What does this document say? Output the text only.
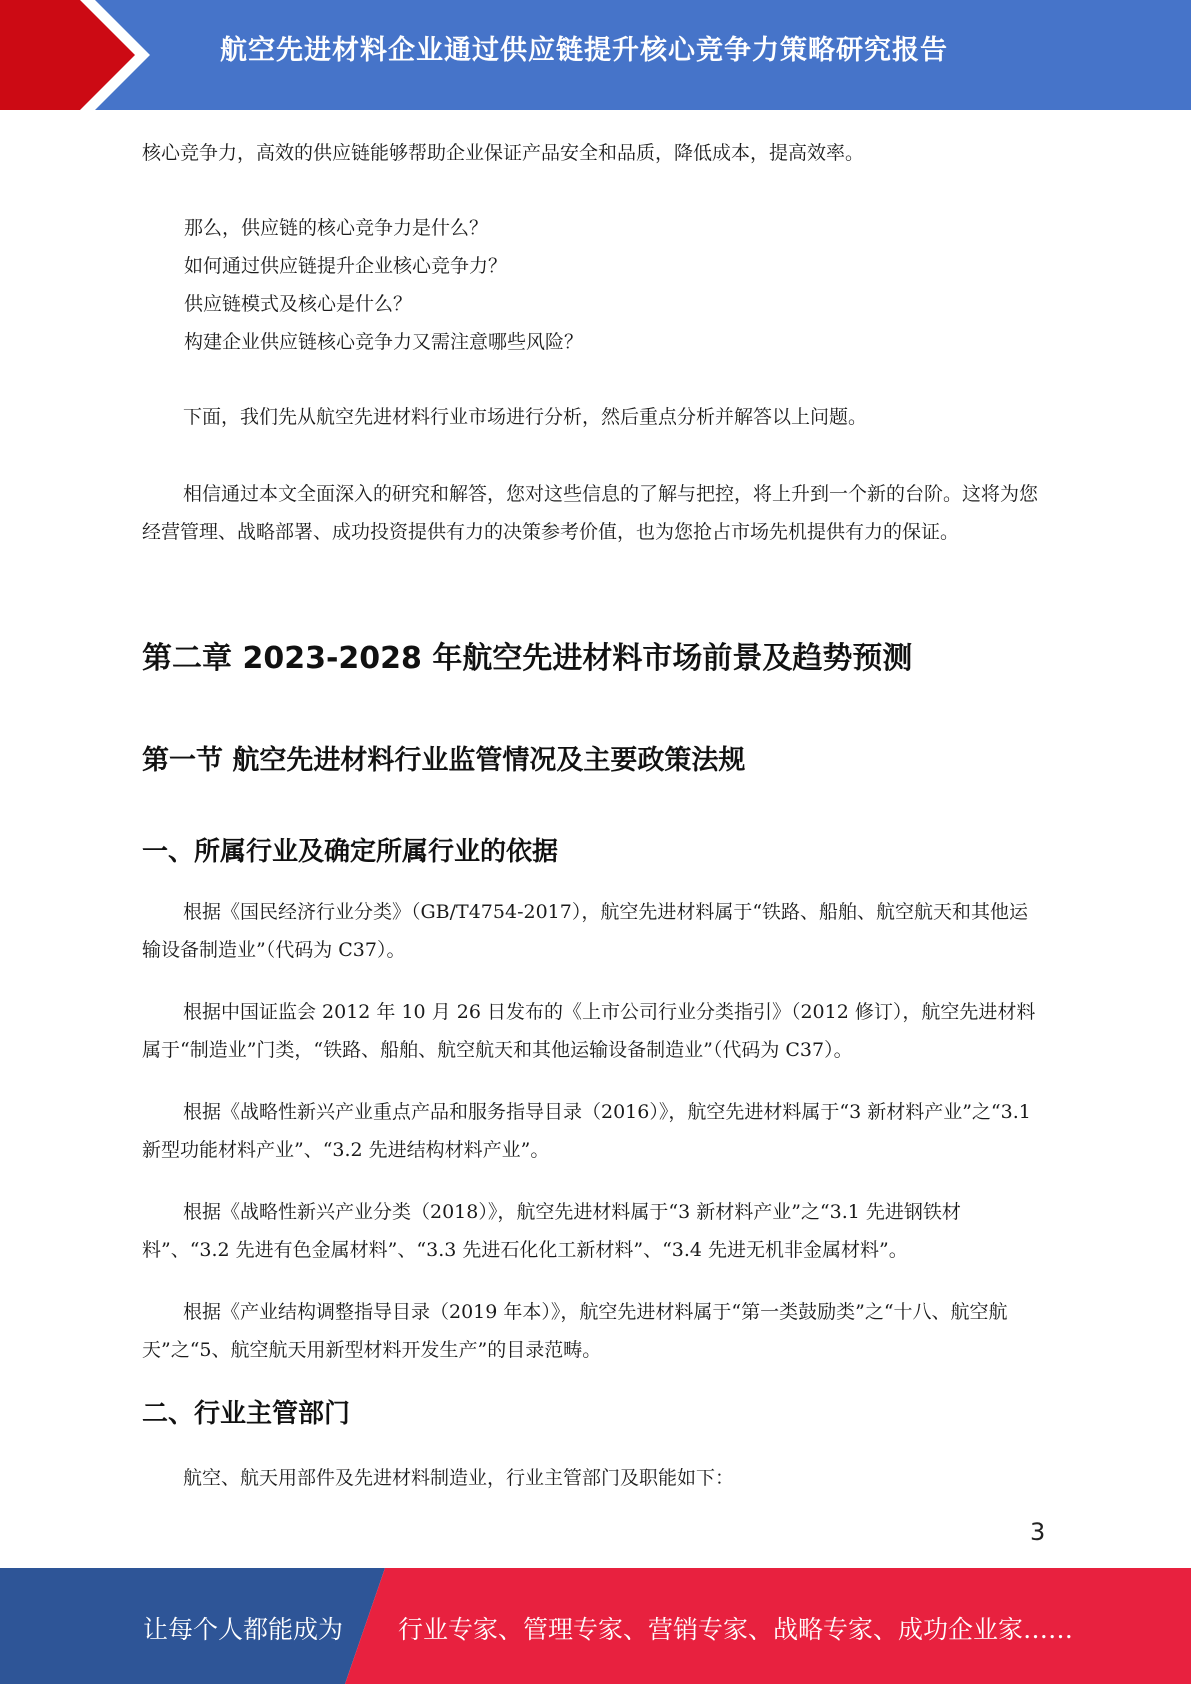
航空先进材料企业通过供应链提升核心竞争力策略研究报告

核心竞争力，高效的供应链能够帮助企业保证产品安全和品质，降低成本，提高效率。

那么，供应链的核心竞争力是什么？

如何通过供应链提升企业核心竞争力？

供应链模式及核心是什么？

构建企业供应链核心竞争力又需注意哪些风险？

下面，我们先从航空先进材料行业市场进行分析，然后重点分析并解答以上问题。

相信通过本文全面深入的研究和解答，您对这些信息的了解与把控，将上升到一个新的台阶。这将为您经营管理、战略部署、成功投资提供有力的决策参考价值，也为您抢占市场先机提供有力的保证。

第二章 2023-2028 年航空先进材料市场前景及趋势预测
第一节 航空先进材料行业监管情况及主要政策法规
一、所属行业及确定所属行业的依据

根据《国民经济行业分类》（GB/T4754-2017），航空先进材料属于“铁路、船舶、航空航天和其他运输设备制造业”（代码为 C37）。

根据中国证监会 2012 年 10 月 26 日发布的《上市公司行业分类指引》（2012 修订），航空先进材料属于“制造业”门类，“铁路、船舶、航空航天和其他运输设备制造业”（代码为 C37）。

根据《战略性新兴产业重点产品和服务指导目录（2016）》，航空先进材料属于“3 新材料产业”之“3.1 新型功能材料产业”、“3.2 先进结构材料产业”。

根据《战略性新兴产业分类（2018）》，航空先进材料属于“3 新材料产业”之“3.1 先进钢铁材料”、“3.2 先进有色金属材料”、“3.3 先进石化化工新材料”、“3.4 先进无机非金属材料”。

根据《产业结构调整指导目录（2019 年本）》，航空先进材料属于“第一类鼓励类”之“十八、航空航天”之“5、航空航天用新型材料开发生产”的目录范畴。

二、行业主管部门

航空、航天用部件及先进材料制造业，行业主管部门及职能如下：

3
让每个人都能成为 行业专家、管理专家、营销专家、战略专家、成功企业家……
